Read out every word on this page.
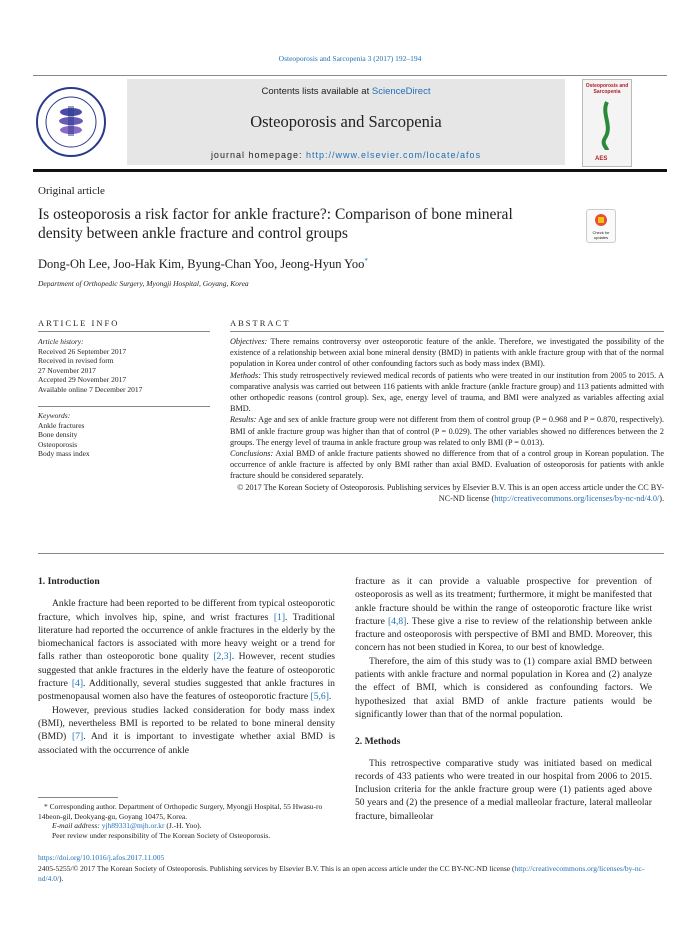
Osteoporosis and Sarcopenia 3 (2017) 192–194
Contents lists available at ScienceDirect
Osteoporosis and Sarcopenia
journal homepage: http://www.elsevier.com/locate/afos
Osteoporosis and Sarcopenia
AES
Original article
Is osteoporosis a risk factor for ankle fracture?: Comparison of bone mineral density between ankle fracture and control groups	Check for updates
Dong-Oh Lee, Joo-Hak Kim, Byung-Chan Yoo, Jeong-Hyun Yoo*
Department of Orthopedic Surgery, Myongji Hospital, Goyang, Korea
ARTICLE INFO
Article history:
Received 26 September 2017
Received in revised form
27 November 2017
Accepted 29 November 2017
Available online 7 December 2017
Keywords:
Ankle fractures
Bone density
Osteoporosis
Body mass index
ABSTRACT

Objectives: There remains controversy over osteoporotic feature of the ankle. Therefore, we investigated the possibility of the existence of a relationship between axial bone mineral density (BMD) in patients with ankle fracture group with that of the normal population in Korea under control of other confounding factors such as body mass index (BMI).

Methods: This study retrospectively reviewed medical records of patients who were treated in our institution from 2005 to 2015. A comparative analysis was carried out between 116 patients with ankle fracture (ankle fracture group) and 113 patients admitted with other orthopedic reasons (control group). Sex, age, energy level of trauma, and BMI were analyzed as variables affecting axial BMD.

Results: Age and sex of ankle fracture group were not different from them of control group (P = 0.968 and P = 0.870, respectively). BMI of ankle fracture group was higher than that of control (P = 0.029). The other variables showed no differences between the 2 groups. The energy level of trauma in ankle fracture group was related to only BMI (P = 0.013).

Conclusions: Axial BMD of ankle fracture patients showed no difference from that of a control group in Korean population. The occurrence of ankle fracture is affected by only BMI rather than axial BMD. Evaluation of osteoporosis for patients with ankle fracture should be considered separately.

© 2017 The Korean Society of Osteoporosis. Publishing services by Elsevier B.V. This is an open access article under the CC BY-NC-ND license (http://creativecommons.org/licenses/by-nc-nd/4.0/).

1. Introduction

Ankle fracture had been reported to be different from typical osteoporotic fracture, which involves hip, spine, and wrist fractures [1]. Traditional literature had reported the occurrence of ankle fractures in the elderly by the biomechanical factors is associated with more heavy weight or a trend for falls rather than osteoporotic bone quality [2,3]. However, recent studies suggested that ankle fractures in the elderly have the feature of osteoporotic fracture [4]. Additionally, several studies suggested that ankle fractures in postmenopausal women also have the features of osteoporotic fracture [5,6].

However, previous studies lacked consideration for body mass index (BMI), nevertheless BMI is reported to be related to bone mineral density (BMD) [7]. And it is important to investigate whether axial BMD is associated with the occurrence of ankle

fracture as it can provide a valuable prospective for prevention of osteoporosis as well as its treatment; furthermore, it might be manifested that ankle fracture should be within the range of osteoporotic fracture like wrist fracture [4,8]. These give a rise to review of the relationship between ankle fracture and osteoporosis with perspective of BMI and BMD. Moreover, this concern has not been studied in Korea, to our best of knowledge.

Therefore, the aim of this study was to (1) compare axial BMD between patients with ankle fracture and normal population in Korea and (2) analyze the effect of BMI, which is considered as confounding factors. We hypothesized that axial BMD of ankle fracture patients would be significantly lower than that of the normal population.

2. Methods

This retrospective comparative study was initiated based on medical records of 433 patients who were treated in our hospital from 2006 to 2015. Inclusion criteria for the ankle fracture group were (1) patients aged above 50 years and (2) the presence of a medial malleolar fracture, lateral malleolar fracture, bimalleolar

* Corresponding author. Department of Orthopedic Surgery, Myongji Hospital, 55 Hwasu-ro 14beon-gil, Deokyang-gu, Goyang 10475, Korea.
E-mail address: yjh89331@mjh.or.kr (J.-H. Yoo).
Peer review under responsibility of The Korean Society of Osteoporosis.
https://doi.org/10.1016/j.afos.2017.11.005
2405-5255/© 2017 The Korean Society of Osteoporosis. Publishing services by Elsevier B.V. This is an open access article under the CC BY-NC-ND license (http://creativecommons.org/licenses/by-nc-nd/4.0/).
